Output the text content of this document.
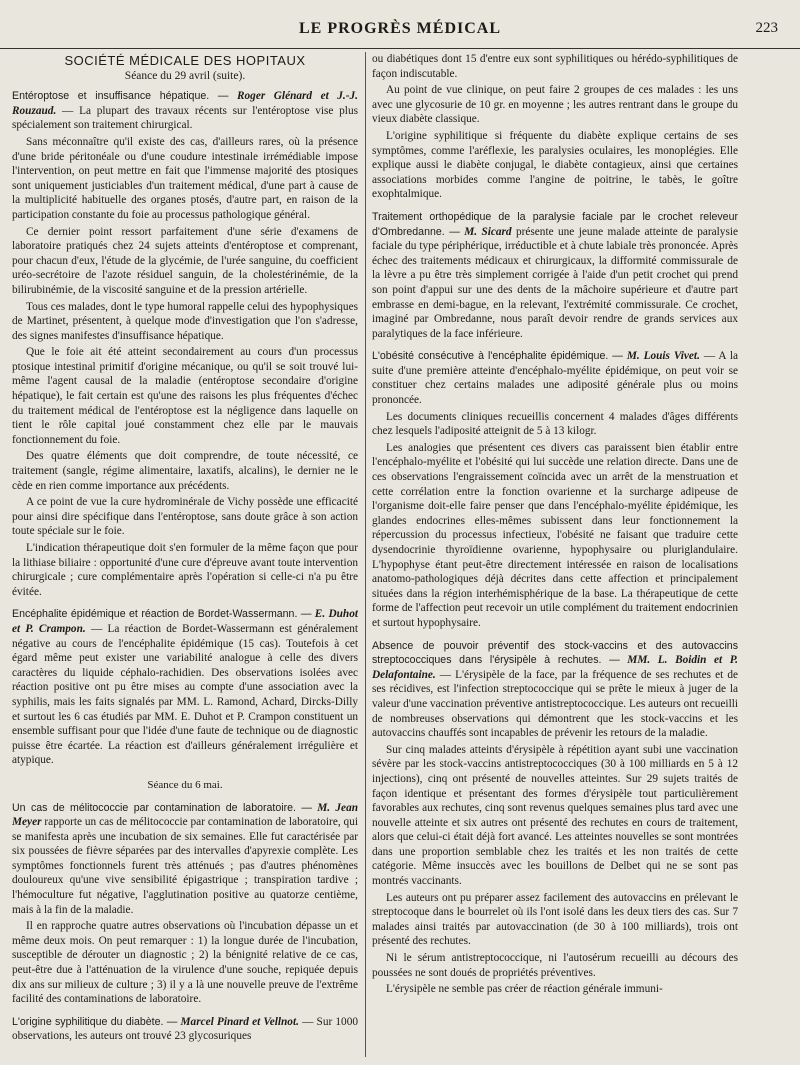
LE PROGRÈS MÉDICAL	223
SOCIÉTÉ MÉDICALE DES HOPITAUX
Séance du 29 avril (suite).

Entéroptose et insuffisance hépatique. — Roger Glénard et J.-J. Rouzaud. — La plupart des travaux récents sur l'entéroptose vise plus spécialement son traitement chirurgical.

Sans méconnaître qu'il existe des cas, d'ailleurs rares, où la présence d'une bride péritonéale ou d'une coudure intestinale irrémédiable impose l'intervention, on peut mettre en fait que l'immense majorité des ptosiques sont uniquement justiciables d'un traitement médical, d'une part à cause de la multiplicité habituelle des organes ptosés, d'autre part, en raison de la participation constante du foie au processus pathologique général.

Ce dernier point ressort parfaitement d'une série d'examens de laboratoire pratiqués chez 24 sujets atteints d'entéroptose et comprenant, pour chacun d'eux, l'étude de la glycémie, de l'urée sanguine, du coefficient uréo-secrétoire de l'azote résiduel sanguin, de la cholestérinémie, de la bilirubinémie, de la viscosité sanguine et de la pression artérielle.

Tous ces malades, dont le type humoral rappelle celui des hypophysiques de Martinet, présentent, à quelque mode d'investigation que l'on s'adresse, des signes manifestes d'insuffisance hépatique.

Que le foie ait été atteint secondairement au cours d'un processus ptosique intestinal primitif d'origine mécanique, ou qu'il se soit trouvé lui-même l'agent causal de la maladie (entéroptose secondaire d'origine hépatique), le fait certain est qu'une des raisons les plus fréquentes d'échec du traitement médical de l'entéroptose est la négligence dans laquelle on tient le rôle capital joué constamment chez elle par le mauvais fonctionnement du foie.

Des quatre éléments que doit comprendre, de toute nécessité, ce traitement (sangle, régime alimentaire, laxatifs, alcalins), le dernier ne le cède en rien comme importance aux précédents.

A ce point de vue la cure hydrominérale de Vichy possède une efficacité pour ainsi dire spécifique dans l'entéroptose, sans doute grâce à son action toute spéciale sur le foie.

L'indication thérapeutique doit s'en formuler de la même façon que pour la lithiase biliaire : opportunité d'une cure d'épreuve avant toute intervention chirurgicale ; cure complémentaire après l'opération si celle-ci n'a pu être évitée.

Encéphalite épidémique et réaction de Bordet-Wassermann. — E. Duhot et P. Crampon. — La réaction de Bordet-Wassermann est généralement négative au cours de l'encéphalite épidémique (15 cas). Toutefois à cet égard même peut exister une variabilité analogue à celle des divers caractères du liquide céphalo-rachidien. Des observations isolées avec réaction positive ont pu être mises au compte d'une association avec la syphilis, mais les faits signalés par MM. L. Ramond, Achard, Dircks-Dilly et surtout les 6 cas étudiés par MM. E. Duhot et P. Crampon constituent un ensemble suffisant pour que l'idée d'une faute de technique ou de diagnostic puisse être écartée. La réaction est d'ailleurs généralement irrégulière et atypique.

Séance du 6 mai.

Un cas de mélitococcie par contamination de laboratoire. — M. Jean Meyer rapporte un cas de mélitococcie par contamination de laboratoire, qui se manifesta après une incubation de six semaines. Elle fut caractérisée par six poussées de fièvre séparées par des intervalles d'apyrexie complète. Les symptômes fonctionnels furent très atténués ; pas d'autres phénomènes douloureux qu'une vive sensibilité épigastrique ; transpiration tardive ; l'hémoculture fut négative, l'agglutination positive au quatorze centième, mais à la fin de la maladie.

Il en rapproche quatre autres observations où l'incubation dépasse un et même deux mois. On peut remarquer : 1) la longue durée de l'incubation, susceptible de dérouter un diagnostic ; 2) la bénignité relative de ce cas, peut-être due à l'atténuation de la virulence d'une souche, repiquée depuis dix ans sur milieux de culture ; 3) il y a là une nouvelle preuve de l'extrême facilité des contaminations de laboratoire.

L'origine syphilitique du diabète. — Marcel Pinard et Vellnot. — Sur 1000 observations, les auteurs ont trouvé 23 glycosuriques

ou diabétiques dont 15 d'entre eux sont syphilitiques ou hérédo-syphilitiques de façon indiscutable.

Au point de vue clinique, on peut faire 2 groupes de ces malades : les uns avec une glycosurie de 10 gr. en moyenne ; les autres rentrant dans le groupe du vieux diabète classique.

L'origine syphilitique si fréquente du diabète explique certains de ses symptômes, comme l'aréflexie, les paralysies oculaires, les monoplégies. Elle explique aussi le diabète conjugal, le diabète contagieux, ainsi que certaines associations morbides comme l'angine de poitrine, le tabès, le goître exophtalmique.

Traitement orthopédique de la paralysie faciale par le crochet releveur d'Ombredanne. — M. Sicard présente une jeune malade atteinte de paralysie faciale du type périphérique, irréductible et à chute labiale très prononcée. Après échec des traitements médicaux et chirurgicaux, la difformité commissurale de la lèvre a pu être très simplement corrigée à l'aide d'un petit crochet qui prend son point d'appui sur une des dents de la mâchoire supérieure et d'autre part embrasse en demi-bague, en la relevant, l'extrémité commissurale. Ce crochet, imaginé par Ombredanne, nous paraît devoir rendre de grands services aux paralytiques de la face inférieure.

L'obésité consécutive à l'encéphalite épidémique. — M. Louis Vivet. — A la suite d'une première atteinte d'encéphalo-myélite épidémique, on peut voir se constituer chez certains malades une adiposité générale plus ou moins prononcée.

Les documents cliniques recueillis concernent 4 malades d'âges différents chez lesquels l'adiposité atteignit de 5 à 13 kilogr.

Les analogies que présentent ces divers cas paraissent bien établir entre l'encéphalo-myélite et l'obésité qui lui succède une relation directe. Dans une de ces observations l'engraissement coïncida avec un arrêt de la menstruation et cette corrélation entre la fonction ovarienne et la surcharge adipeuse de l'organisme doit-elle faire penser que dans l'encéphalo-myélite épidémique, les glandes endocrines elles-mêmes subissent dans leur fonctionnement la répercussion du processus infectieux, l'obésité ne faisant que traduire cette dysendocrinie thyroïdienne ovarienne, hypophysaire ou pluriglandulaire. L'hypophyse étant peut-être directement intéressée en raison de localisations anatomo-pathologiques déjà décrites dans cette affection et principalement situées dans la région interhémisphérique de la base. La thérapeutique de cette forme de l'affection peut recevoir un utile complément du traitement endocrinien et surtout hypophysaire.

Absence de pouvoir préventif des stock-vaccins et des autovaccins streptococciques dans l'érysipèle à rechutes. — MM. L. Boidin et P. Delafontaine. — L'érysipèle de la face, par la fréquence de ses rechutes et de ses récidives, est l'infection streptococcique qui se prête le mieux à juger de la valeur d'une vaccination préventive antistreptococcique. Les auteurs ont recueilli de nombreuses observations qui démontrent que les stock-vaccins et les autovaccins chauffés sont incapables de prévenir les retours de la maladie.

Sur cinq malades atteints d'érysipèle à répétition ayant subi une vaccination sévère par les stock-vaccins antistreptococciques (30 à 100 milliards en 5 à 12 injections), cinq ont présenté de nouvelles atteintes. Sur 29 sujets traités de façon identique et présentant des formes d'érysipèle tout particulièrement favorables aux rechutes, cinq sont revenus quelques semaines plus tard avec une nouvelle atteinte et six autres ont présenté des rechutes en cours de traitement, alors que celui-ci était déjà fort avancé. Les atteintes nouvelles se sont montrées dans une proportion semblable chez les traités et les non traités de cette catégorie. Même insuccès avec les bouillons de Delbet qui ne se sont pas montrés vaccinants.

Les auteurs ont pu préparer assez facilement des autovaccins en prélevant le streptocoque dans le bourrelet où ils l'ont isolé dans les deux tiers des cas. Sur 7 malades ainsi traités par autovaccination (de 30 à 100 milliards), trois ont présenté des rechutes.

Ni le sérum antistreptococcique, ni l'autosérum recueilli au décours des poussées ne sont doués de propriétés préventives.

L'érysipèle ne semble pas créer de réaction générale immuni-
